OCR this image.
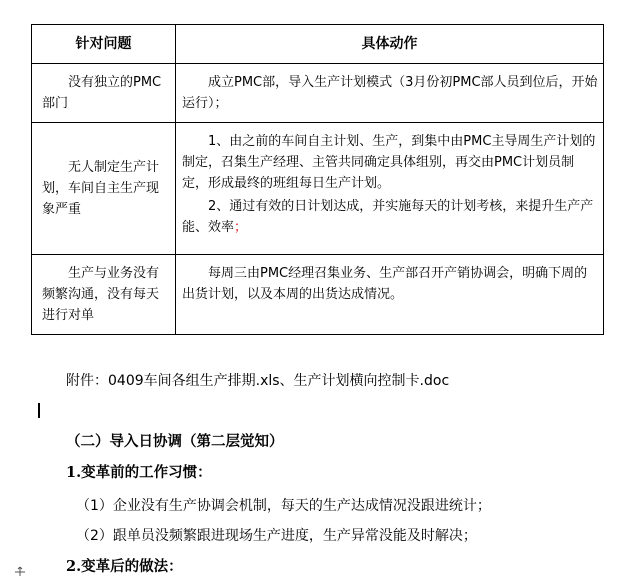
针对问题	具体动作

没有独立的PMC部门	成立PMC部，导入生产计划模式（3月份初PMC部人员到位后，开始运行）；

无人制定生产计划，车间自主生产现象严重	1、由之前的车间自主计划、生产，到集中由PMC主导周生产计划的制定，召集生产经理、主管共同确定具体组别，再交由PMC计划员制定，形成最终的班组每日生产计划。

2、通过有效的日计划达成，并实施每天的计划考核，来提升生产产能、效率；

生产与业务没有频繁沟通，没有每天进行对单	每周三由PMC经理召集业务、生产部召开产销协调会，明确下周的出货计划，以及本周的出货达成情况。

附件：0409车间各组生产排期.xls、生产计划横向控制卡.doc
（二）导入日协调（第二层觉知）
1.变革前的工作习惯：
（1）企业没有生产协调会机制，每天的生产达成情况没跟进统计；
（2）跟单员没频繁跟进现场生产进度，生产异常没能及时解决；
2.变革后的做法：
